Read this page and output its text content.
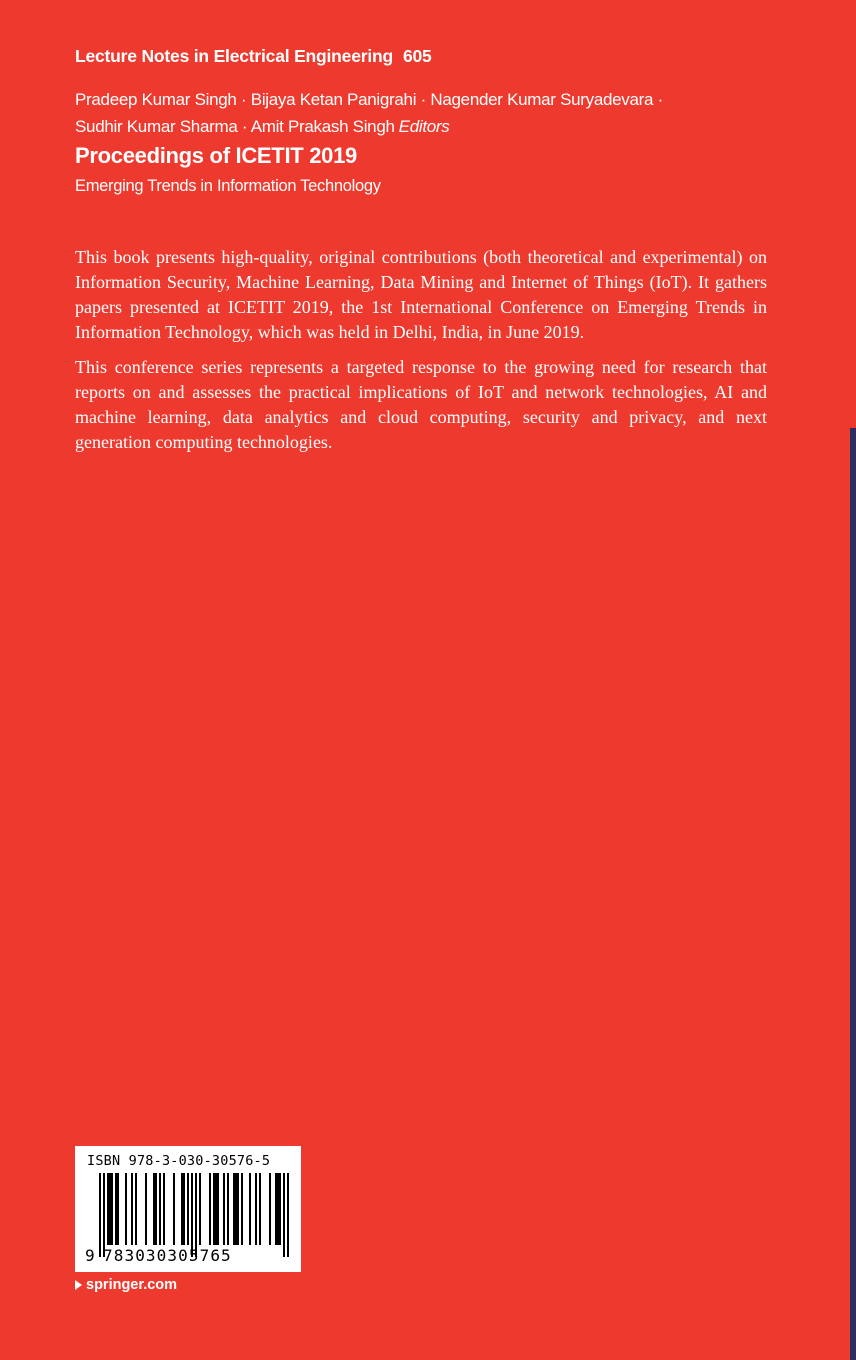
Lecture Notes in Electrical Engineering 605
Pradeep Kumar Singh · Bijaya Ketan Panigrahi · Nagender Kumar Suryadevara ·
Sudhir Kumar Sharma · Amit Prakash Singh Editors
Proceedings of ICETIT 2019
Emerging Trends in Information Technology

This book presents high-quality, original contributions (both theoretical and experimental) on Information Security, Machine Learning, Data Mining and Internet of Things (IoT). It gathers papers presented at ICETIT 2019, the 1st International Conference on Emerging Trends in Information Technology, which was held in Delhi, India, in June 2019.

This conference series represents a targeted response to the growing need for research that reports on and assesses the practical implications of IoT and network technologies, AI and machine learning, data analytics and cloud computing, security and privacy, and next generation computing technologies.

ISBN 978-3-030-30576-5
9 783030305765
springer.com
